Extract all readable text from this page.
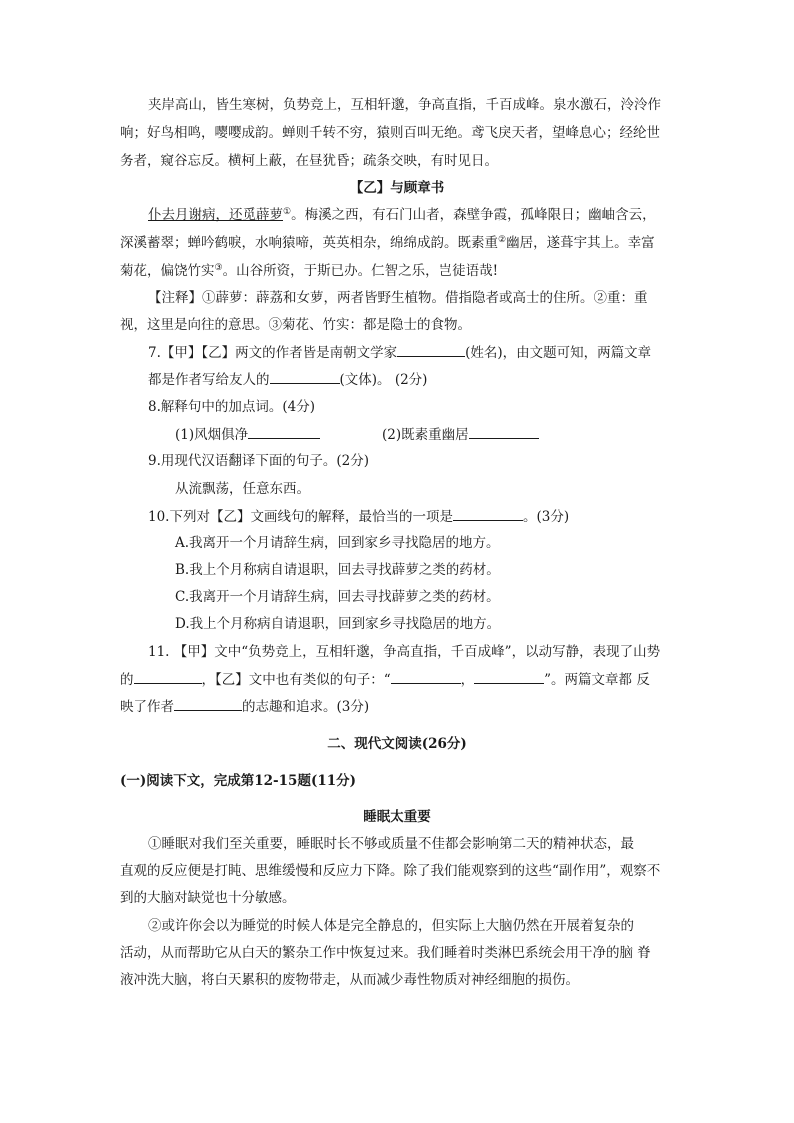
夹岸高山，皆生寒树，负势竞上，互相轩邈，争高直指，千百成峰。泉水激石，泠泠作
响；好鸟相鸣，嘤嘤成韵。蝉则千转不穷，猿则百叫无绝。鸢飞戾天者，望峰息心；经纶世
务者，窥谷忘反。横柯上蔽，在昼犹昏；疏条交映，有时见日。
【乙】与顾章书
仆去月谢病，还觅薜萝①。梅溪之西，有石门山者，森壁争霞，孤峰限日；幽岫含云，
深溪蓄翠；蝉吟鹤唳，水响猿啼，英英相杂，绵绵成韵。既素重②幽居，遂葺宇其上。幸富
菊花，偏饶竹实③。山谷所资，于斯已办。仁智之乐，岂徒语哉!
【注释】①薜萝：薜荔和女萝，两者皆野生植物。借指隐者或高士的住所。②重：重
视，这里是向往的意思。③菊花、竹实：都是隐士的食物。
7.【甲】【乙】两文的作者皆是南朝文学家	(姓名)，由文题可知，两篇文章
都是作者写给友人的	(文体)。 (2分)
8.解释句中的加点词。(4分)
(1)风烟俱净	(2)既素重幽居
9.用现代汉语翻译下面的句子。(2分)
从流飘荡，任意东西。
10.下列对【乙】文画线句的解释，最恰当的一项是	。(3分)
A.我离开一个月请辞生病，回到家乡寻找隐居的地方。
B.我上个月称病自请退职，回去寻找薜萝之类的药材。
C.我离开一个月请辞生病，回去寻找薜萝之类的药材。
D.我上个月称病自请退职，回到家乡寻找隐居的地方。
11. 【甲】文中“负势竞上，互相轩邈，争高直指，千百成峰”，以动写静，表现了山势
的	，【乙】文中也有类似的句子：“	，	”。两篇文章都 反
映了作者	的志趣和追求。(3分)
二、现代文阅读(26分)
(一)阅读下文，完成第12-15题(11分)
睡眠太重要
①睡眠对我们至关重要，睡眠时长不够或质量不佳都会影响第二天的精神状态，最
直观的反应便是打盹、思维缓慢和反应力下降。除了我们能观察到的这些“副作用”，观察不
到的大脑对缺觉也十分敏感。
②或许你会以为睡觉的时候人体是完全静息的，但实际上大脑仍然在开展着复杂的
活动，从而帮助它从白天的繁杂工作中恢复过来。我们睡着时类淋巴系统会用干净的脑 脊
液冲洗大脑，将白天累积的废物带走，从而减少毒性物质对神经细胞的损伤。
